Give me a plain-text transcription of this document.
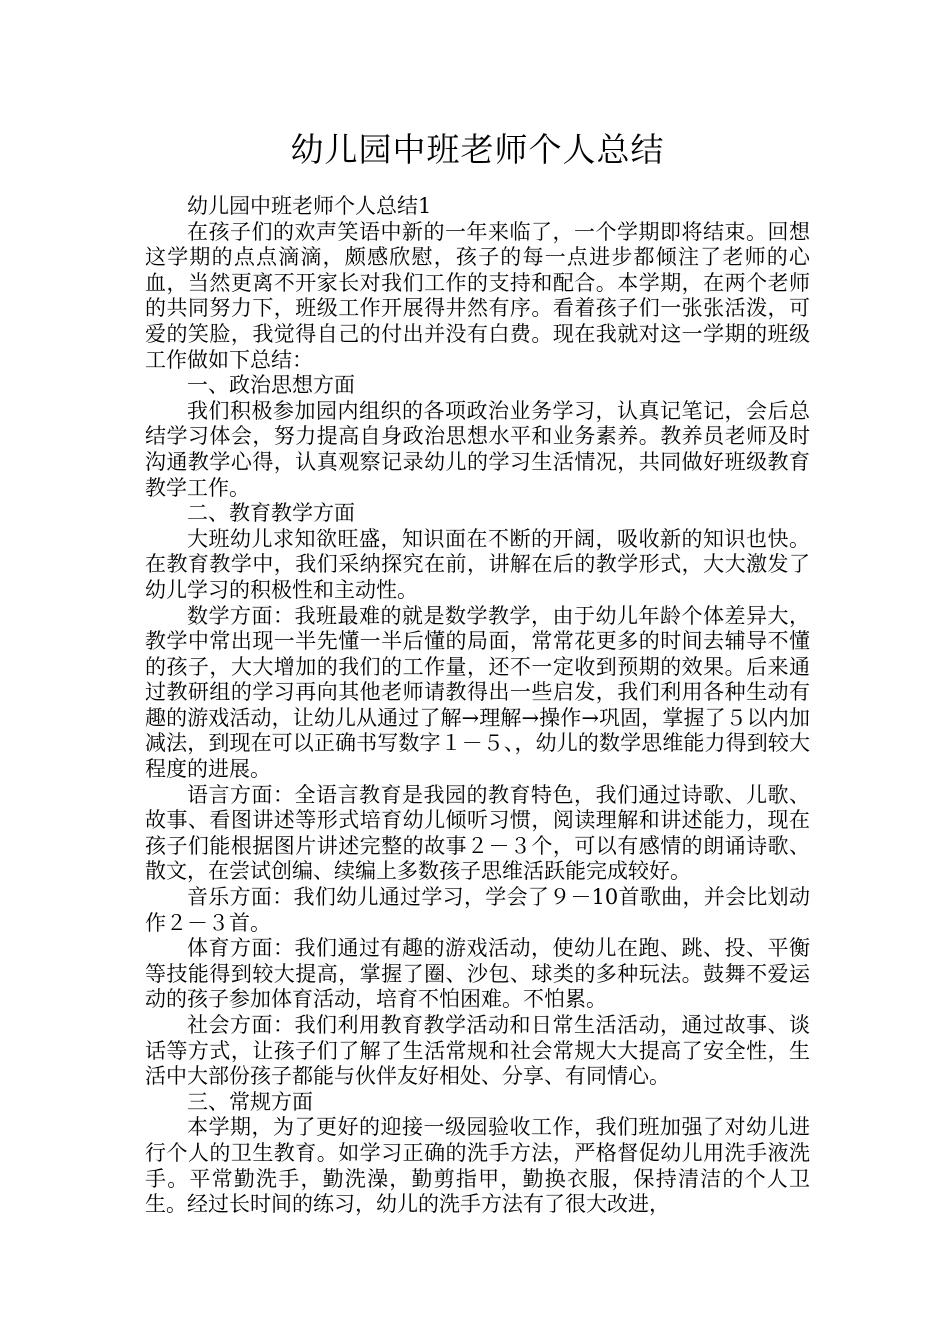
幼儿园中班老师个人总结

幼儿园中班老师个人总结1

在孩子们的欢声笑语中新的一年来临了，一个学期即将结束。回想这学期的点点滴滴，颇感欣慰，孩子的每一点进步都倾注了老师的心血，当然更离不开家长对我们工作的支持和配合。本学期，在两个老师的共同努力下，班级工作开展得井然有序。看着孩子们一张张活泼，可爱的笑脸，我觉得自己的付出并没有白费。现在我就对这一学期的班级工作做如下总结：

一、政治思想方面

我们积极参加园内组织的各项政治业务学习，认真记笔记，会后总结学习体会，努力提高自身政治思想水平和业务素养。教养员老师及时沟通教学心得，认真观察记录幼儿的学习生活情况，共同做好班级教育教学工作。

二、教育教学方面

大班幼儿求知欲旺盛，知识面在不断的开阔，吸收新的知识也快。在教育教学中，我们采纳探究在前，讲解在后的教学形式，大大激发了幼儿学习的积极性和主动性。

数学方面：我班最难的就是数学教学，由于幼儿年龄个体差异大，教学中常出现一半先懂一半后懂的局面，常常花更多的时间去辅导不懂的孩子，大大增加的我们的工作量，还不一定收到预期的效果。后来通过教研组的学习再向其他老师请教得出一些启发，我们利用各种生动有趣的游戏活动，让幼儿从通过了解→理解→操作→巩固，掌握了５以内加减法，到现在可以正确书写数字１－５、，幼儿的数学思维能力得到较大程度的进展。

语言方面：全语言教育是我园的教育特色，我们通过诗歌、儿歌、故事、看图讲述等形式培育幼儿倾听习惯，阅读理解和讲述能力，现在孩子们能根据图片讲述完整的故事２－３个，可以有感情的朗诵诗歌、散文，在尝试创编、续编上多数孩子思维活跃能完成较好。

音乐方面：我们幼儿通过学习，学会了９－10首歌曲，并会比划动作２－３首。

体育方面：我们通过有趣的游戏活动，使幼儿在跑、跳、投、平衡等技能得到较大提高，掌握了圈、沙包、球类的多种玩法。鼓舞不爱运动的孩子参加体育活动，培育不怕困难。不怕累。

社会方面：我们利用教育教学活动和日常生活活动，通过故事、谈话等方式，让孩子们了解了生活常规和社会常规大大提高了安全性，生活中大部份孩子都能与伙伴友好相处、分享、有同情心。

三、常规方面

本学期，为了更好的迎接一级园验收工作，我们班加强了对幼儿进行个人的卫生教育。如学习正确的洗手方法，严格督促幼儿用洗手液洗手。平常勤洗手，勤洗澡，勤剪指甲，勤换衣服，保持清洁的个人卫生。经过长时间的练习，幼儿的洗手方法有了很大改进，
